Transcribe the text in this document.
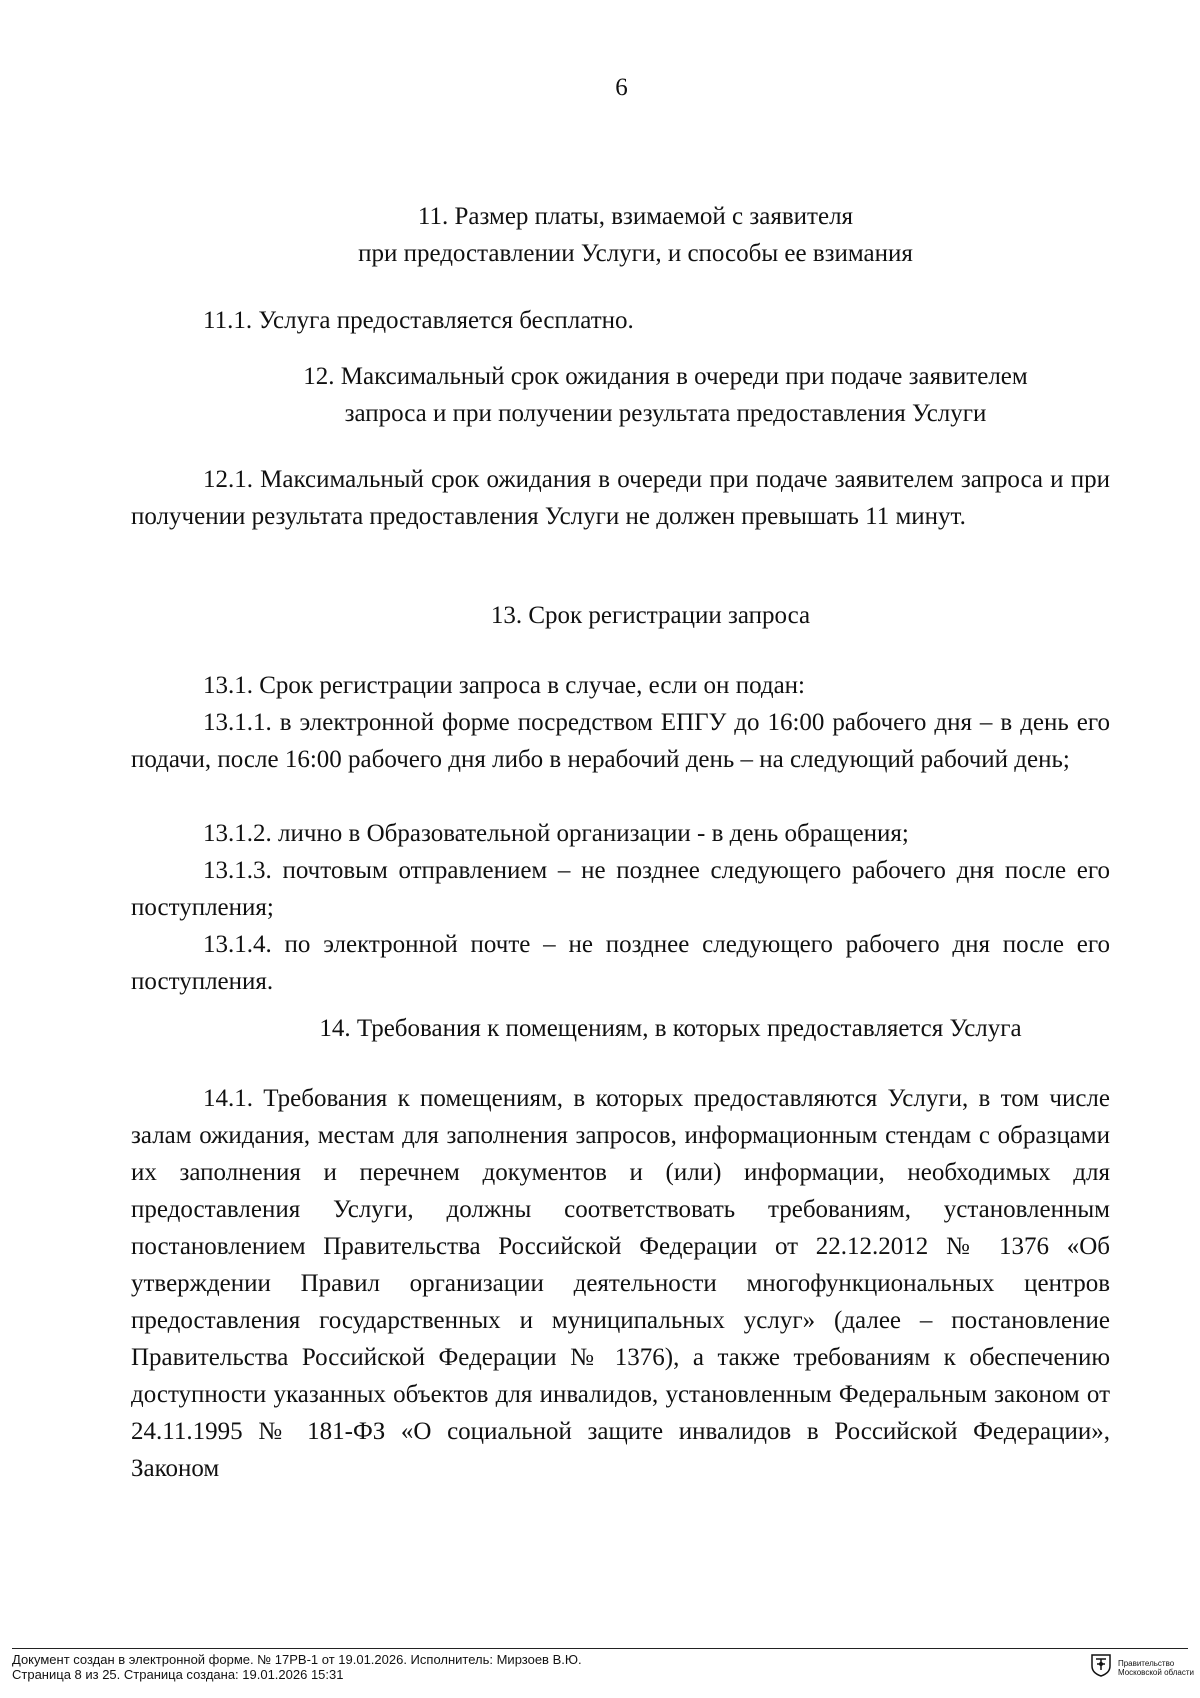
6
11. Размер платы, взимаемой с заявителя
при предоставлении Услуги, и способы ее взимания
11.1. Услуга предоставляется бесплатно.
12. Максимальный срок ожидания в очереди при подаче заявителем
запроса и при получении результата предоставления Услуги
12.1. Максимальный срок ожидания в очереди при подаче заявителем запроса и при получении результата предоставления Услуги не должен превышать 11 минут.
13. Срок регистрации запроса
13.1. Срок регистрации запроса в случае, если он подан:
13.1.1. в электронной форме посредством ЕПГУ до 16:00 рабочего дня – в день его подачи, после 16:00 рабочего дня либо в нерабочий день – на следующий рабочий день;
13.1.2. лично в Образовательной организации - в день обращения;
13.1.3. почтовым отправлением – не позднее следующего рабочего дня после его поступления;
13.1.4. по электронной почте – не позднее следующего рабочего дня после его поступления.
14. Требования к помещениям, в которых предоставляется Услуга
14.1. Требования к помещениям, в которых предоставляются Услуги, в том числе залам ожидания, местам для заполнения запросов, информационным стендам с образцами их заполнения и перечнем документов и (или) информации, необходимых для предоставления Услуги, должны соответствовать требованиям, установленным постановлением Правительства Российской Федерации от 22.12.2012 № 1376 «Об утверждении Правил организации деятельности многофункциональных центров предоставления государственных и муниципальных услуг» (далее – постановление Правительства Российской Федерации № 1376), а также требованиям к обеспечению доступности указанных объектов для инвалидов, установленным Федеральным законом от 24.11.1995 № 181-ФЗ «О социальной защите инвалидов в Российской Федерации», Законом
Документ создан в электронной форме. № 17РВ-1 от 19.01.2026. Исполнитель: Мирзоев В.Ю.
Страница 8 из 25. Страница создана: 19.01.2026 15:31
Правительство
Московской области
